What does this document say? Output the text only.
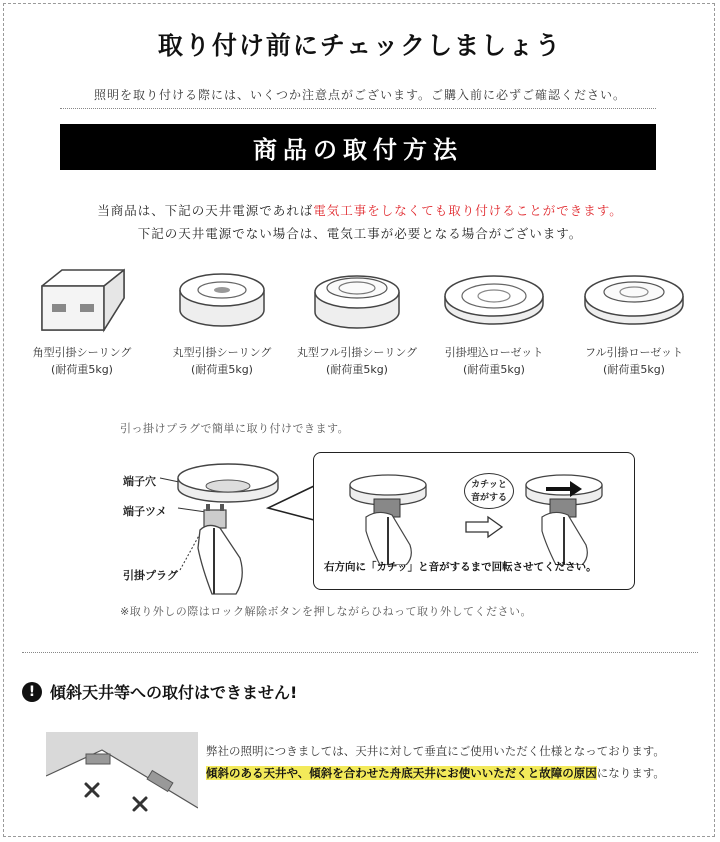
取り付け前にチェックしましょう
照明を取り付ける際には、いくつか注意点がございます。ご購入前に必ずご確認ください。
商品の取付方法
当商品は、下記の天井電源であれば電気工事をしなくても取り付けることができます。
下記の天井電源でない場合は、電気工事が必要となる場合がございます。
角型引掛シーリング
(耐荷重5kg)
丸型引掛シーリング
(耐荷重5kg)
丸型フル引掛シーリング
(耐荷重5kg)
引掛埋込ローゼット
(耐荷重5kg)
フル引掛ローゼット
(耐荷重5kg)
引っ掛けプラグで簡単に取り付けできます。
端子穴
端子ツメ
引掛プラグ
カチッと
音がする
右方向に「カチッ」と音がするまで回転させてください。
※取り外しの際はロック解除ボタンを押しながらひねって取り外してください。
! 傾斜天井等への取付はできません!
弊社の照明につきましては、天井に対して垂直にご使用いただく仕様となっております。
傾斜のある天井や、傾斜を合わせた舟底天井にお使いいただくと故障の原因になります。
